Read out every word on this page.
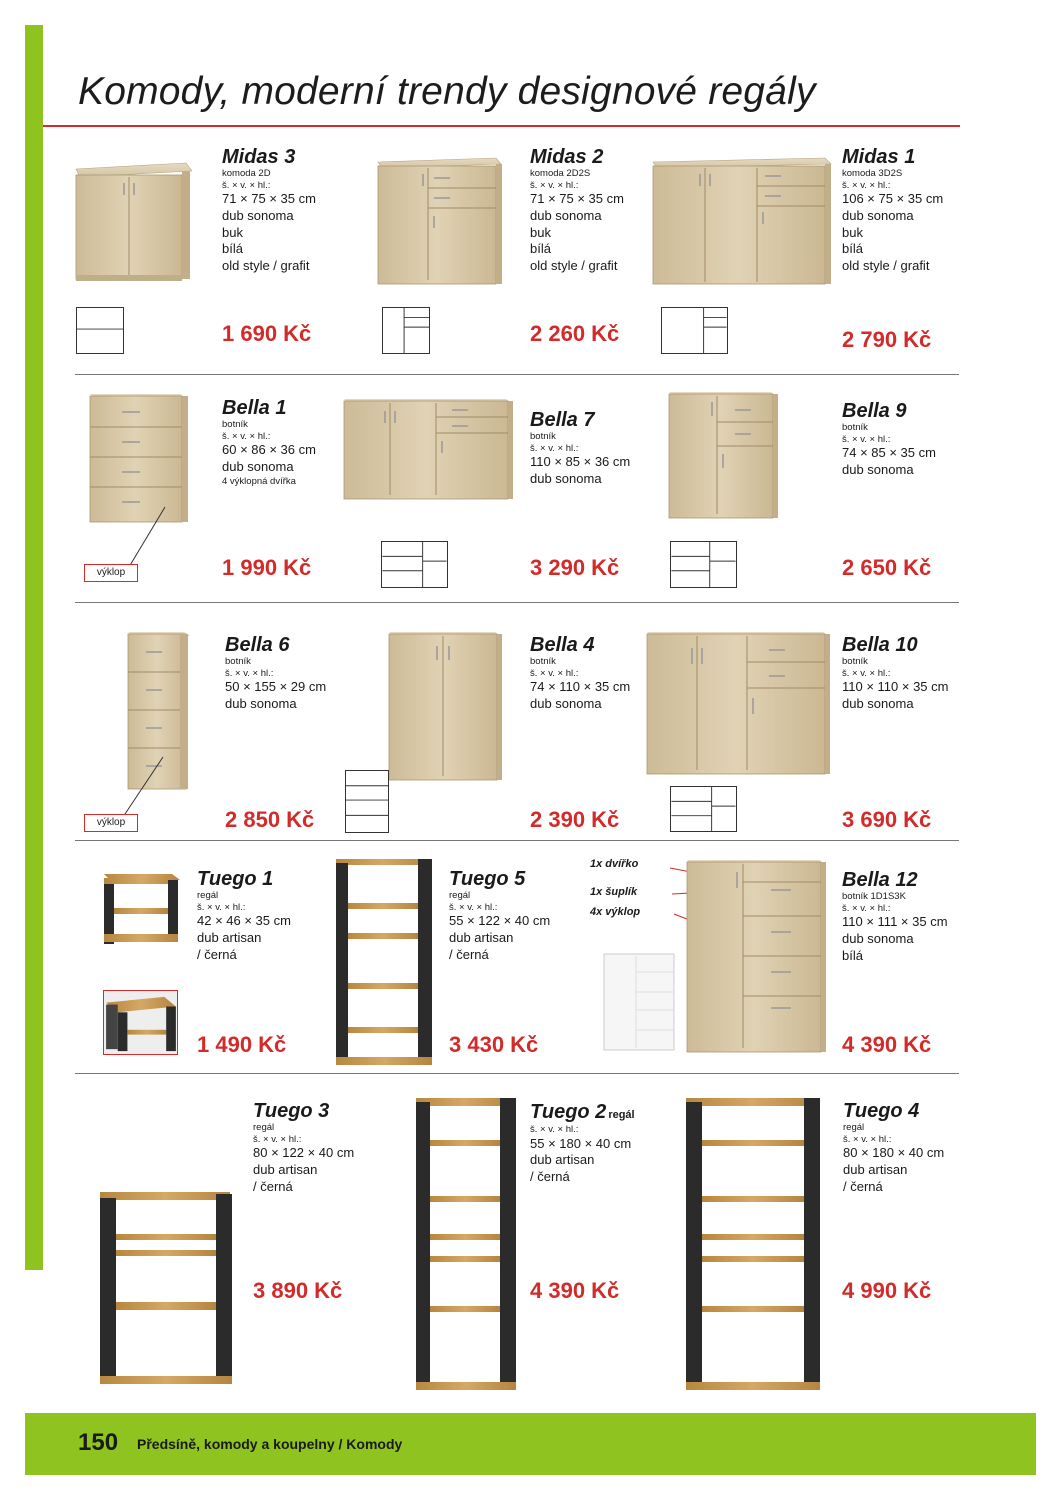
Komody, moderní trendy designové regály
Midas 3
komoda 2D
š. × v. × hl.:
71 × 75 × 35 cm
dub sonoma
buk
bílá
old style / grafit
1 690 Kč
Midas 2
komoda 2D2S
š. × v. × hl.:
71 × 75 × 35 cm
dub sonoma
buk
bílá
old style / grafit
2 260 Kč
Midas 1
komoda 3D2S
š. × v. × hl.:
106 × 75 × 35 cm
dub sonoma
buk
bílá
old style / grafit
2 790 Kč
výklop
Bella 1
botník
š. × v. × hl.:
60 × 86 × 36 cm
dub sonoma
4 výklopná dvířka
1 990 Kč
Bella 7
botník
š. × v. × hl.:
110 × 85 × 36 cm
dub sonoma
3 290 Kč
Bella 9
botník
š. × v. × hl.:
74 × 85 × 35 cm
dub sonoma
2 650 Kč
výklop
Bella 6
botník
š. × v. × hl.:
50 × 155 × 29 cm
dub sonoma
2 850 Kč
Bella 4
botník
š. × v. × hl.:
74 × 110 × 35 cm
dub sonoma
2 390 Kč
Bella 10
botník
š. × v. × hl.:
110 × 110 × 35 cm
dub sonoma
3 690 Kč
Tuego 1
regál
š. × v. × hl.:
42 × 46 × 35 cm
dub artisan
/ černá
1 490 Kč
Tuego 5
regál
š. × v. × hl.:
55 × 122 × 40 cm
dub artisan
/ černá
3 430 Kč
1x dvířko
1x šuplík
4x výklop
Bella 12
botník 1D1S3K
š. × v. × hl.:
110 × 111 × 35 cm
dub sonoma
bílá
4 390 Kč
Tuego 3
regál
š. × v. × hl.:
80 × 122 × 40 cm
dub artisan
/ černá
3 890 Kč
Tuego 2 regál
š. × v. × hl.:
55 × 180 × 40 cm
dub artisan
/ černá
4 390 Kč
Tuego 4
regál
š. × v. × hl.:
80 × 180 × 40 cm
dub artisan
/ černá
4 990 Kč
150 Předsíně, komody a koupelny / Komody
